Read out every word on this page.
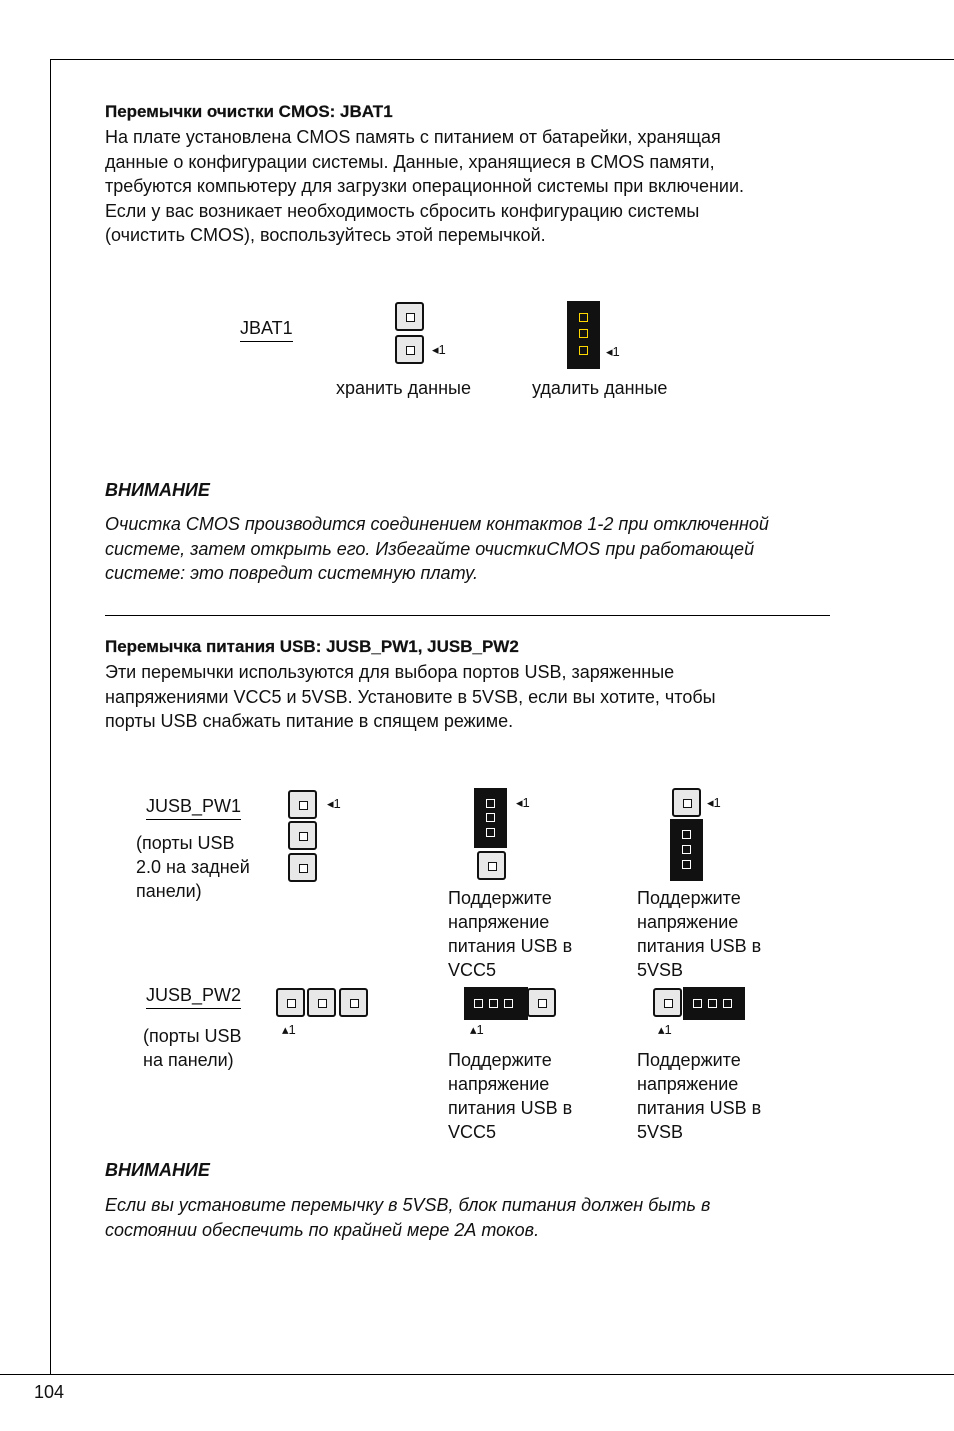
Перемычки очистки CMOS: JBAT1
На плате установлена CMOS память с питанием от батарейки, хранящая
данные о конфигурации системы. Данные, хранящиеся в CMOS памяти,
требуются компьютеру для загрузки операционной системы при включении.
Если у вас возникает необходимость сбросить конфигурацию системы
(очистить CMOS), воспользуйтесь этой перемычкой.
JBAT1
◂1	◂1
хранить данные	удалить данные
ВНИМАНИЕ
Очистка CMOS производится соединением контактов 1-2 при отключенной
системе, затем открыть его. Избегайте очисткиCMOS при работающей
системе: это повредит системную плату.
Перемычка питания USB: JUSB_PW1, JUSB_PW2
Эти перемычки используются для выбора портов USB, заряженные
напряжениями VCC5 и 5VSB. Установите в 5VSB, если вы хотите, чтобы
порты USB снабжать питание в спящем режиме.
JUSB_PW1
(порты USB
2.0 на задней
панели)
◂1	◂1	◂1
Поддержите
напряжение
питания USB в
VCC5
Поддержите
напряжение
питания USB в
5VSB
JUSB_PW2
(порты USB
на панели)
▴1	▴1	▴1
Поддержите
напряжение
питания USB в
VCC5
Поддержите
напряжение
питания USB в
5VSB
ВНИМАНИЕ
Если вы установите перемычку в 5VSB, блок питания должен быть в
состоянии обеспечить по крайней мере 2А токов.
104
